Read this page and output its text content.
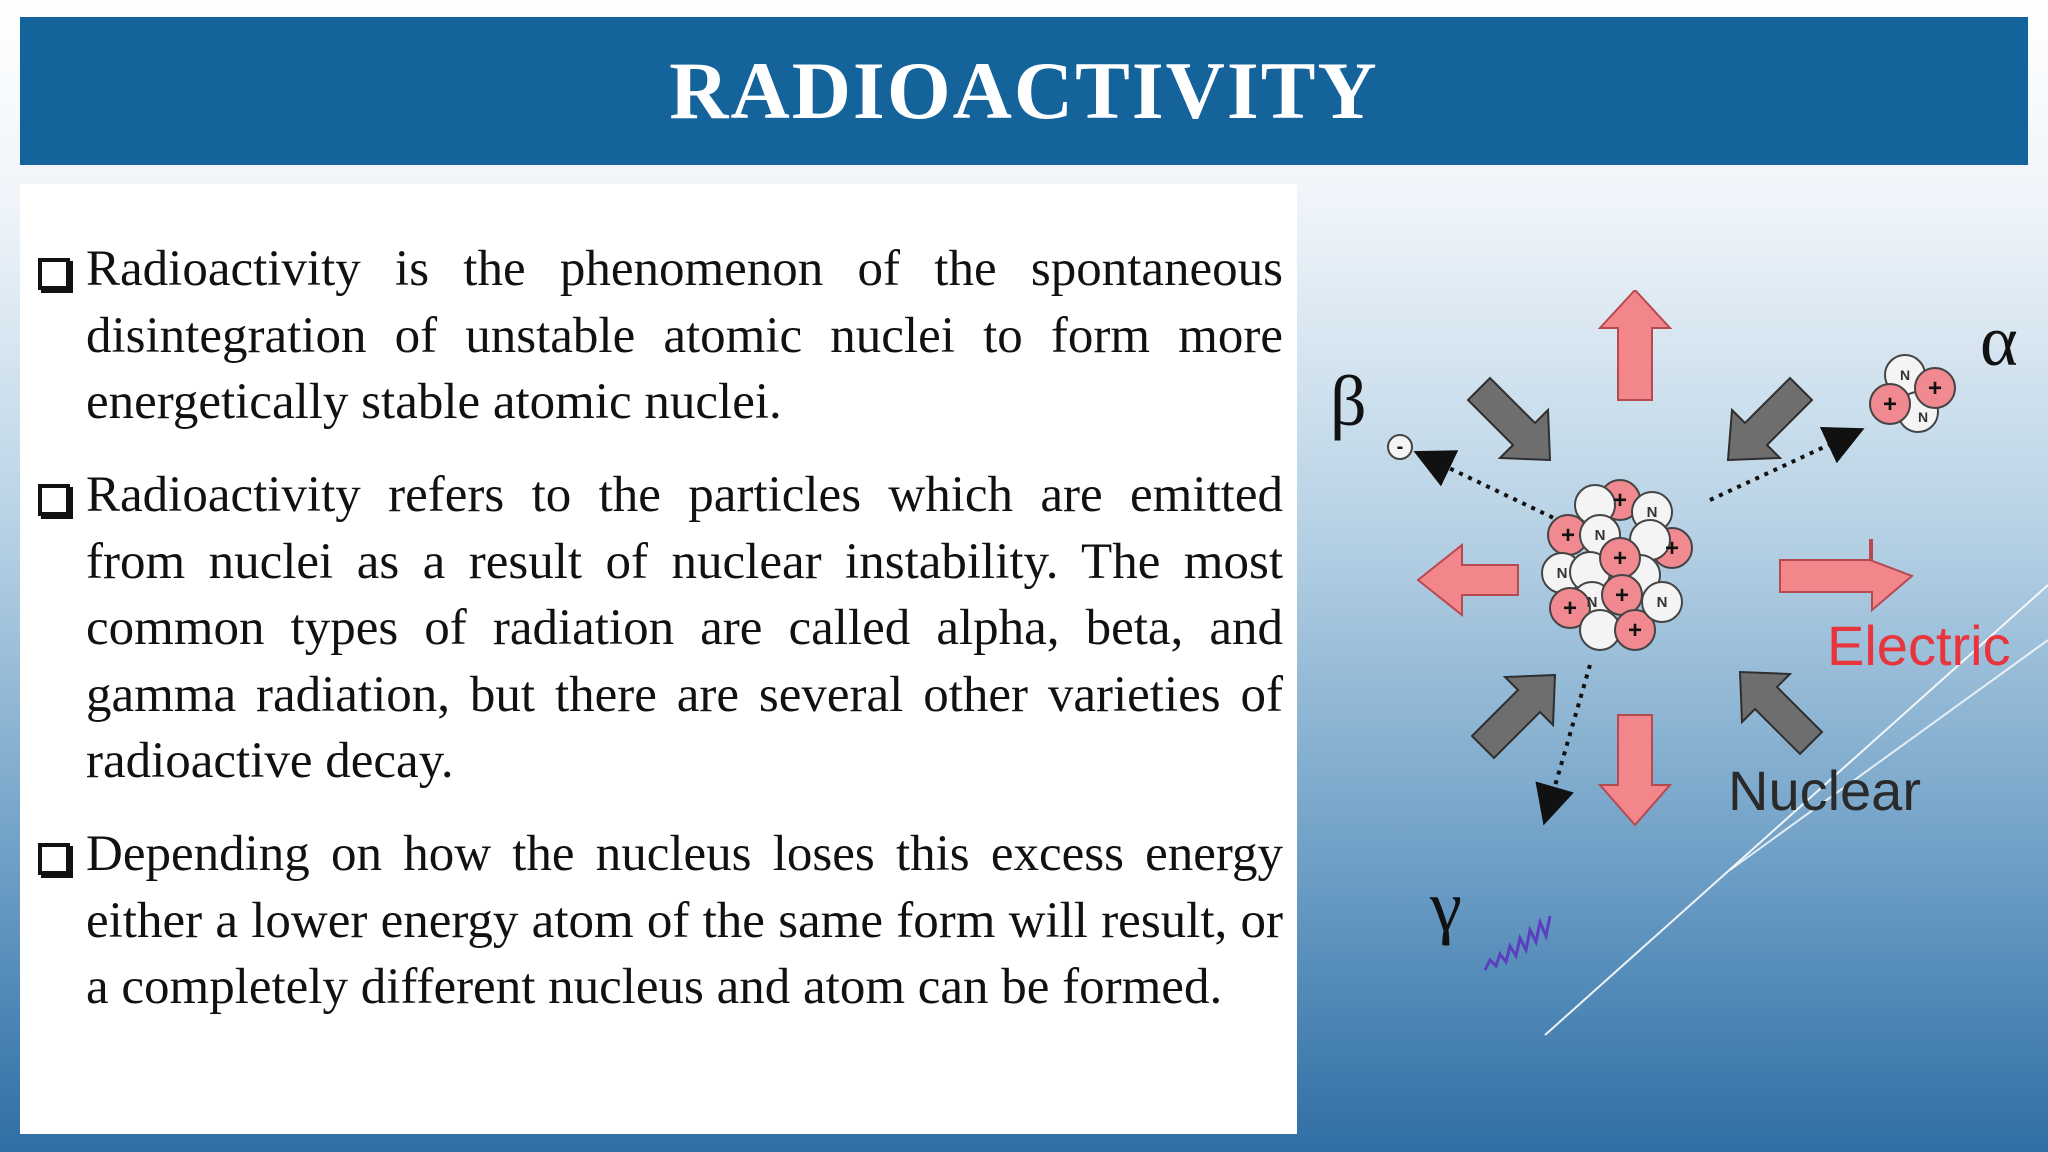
RADIOACTIVITY

Radioactivity is the phenomenon of the spontaneous disintegration of unstable atomic nuclei to form more energetically stable atomic nuclei.

Radioactivity refers to the particles which are emitted from nuclei as a result of nuclear instability. The most common types of radiation are called alpha, beta, and gamma radiation, but there are several other varieties of radioactive decay.

Depending on how the nucleus loses this excess energy either a lower energy atom of the same form will result, or a completely different nucleus and atom can be formed.

+
+	+
+
+ +
+
N
N
N
N
N
-
+
+
N
N
β
α
γ
Electric
Nuclear
